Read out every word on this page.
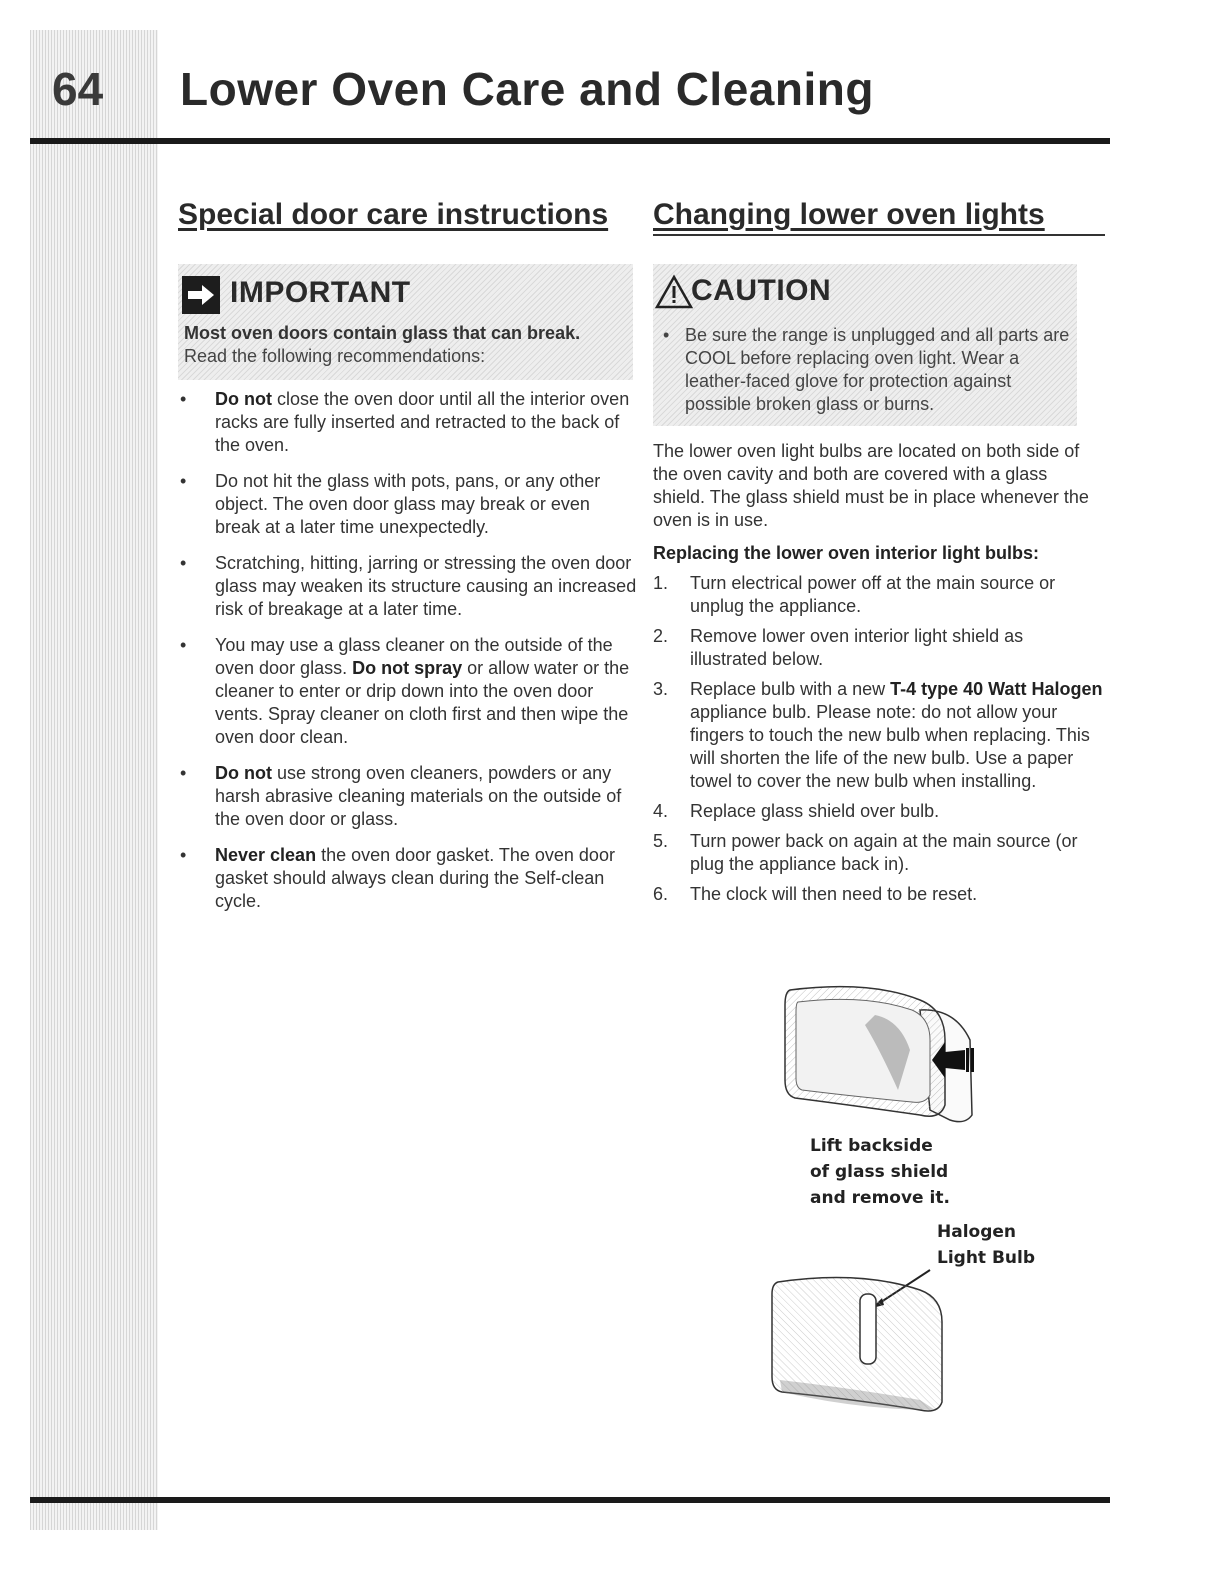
64 Lower Oven Care and Cleaning
Special door care instructions
IMPORTANT
Most oven doors contain glass that can break. Read the following recommendations:
• Do not close the oven door until all the interior oven racks are fully inserted and retracted to the back of the oven.
• Do not hit the glass with pots, pans, or any other object. The oven door glass may break or even break at a later time unexpectedly.
• Scratching, hitting, jarring or stressing the oven door glass may weaken its structure causing an increased risk of breakage at a later time.
• You may use a glass cleaner on the outside of the oven door glass. Do not spray or allow water or the cleaner to enter or drip down into the oven door vents. Spray cleaner on cloth first and then wipe the oven door clean.
• Do not use strong oven cleaners, powders or any harsh abrasive cleaning materials on the outside of the oven door or glass.
• Never clean the oven door gasket. The oven door gasket should always clean during the Self-clean cycle.
Changing lower oven lights
CAUTION
• Be sure the range is unplugged and all parts are COOL before replacing oven light. Wear a leather-faced glove for protection against possible broken glass or burns.
The lower oven light bulbs are located on both side of the oven cavity and both are covered with a glass shield. The glass shield must be in place whenever the oven is in use.
Replacing the lower oven interior light bulbs:
1. Turn electrical power off at the main source or unplug the appliance.
2. Remove lower oven interior light shield as illustrated below.
3. Replace bulb with a new T-4 type 40 Watt Halogen appliance bulb. Please note: do not allow your fingers to touch the new bulb when replacing. This will shorten the life of the new bulb. Use a paper towel to cover the new bulb when installing.
4. Replace glass shield over bulb.
5. Turn power back on again at the main source (or plug the appliance back in).
6. The clock will then need to be reset.
Lift backside
of glass shield
and remove it.
Halogen
Light Bulb
